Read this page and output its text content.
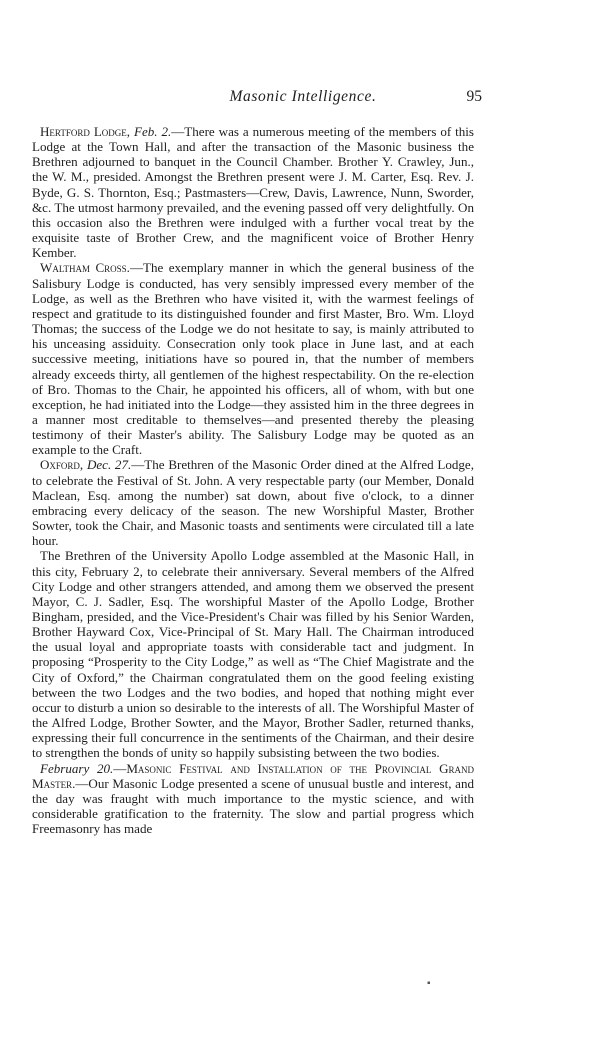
Masonic Intelligence.	95

Hertford Lodge, Feb. 2.—There was a numerous meeting of the members of this Lodge at the Town Hall, and after the transaction of the Masonic business the Brethren adjourned to banquet in the Council Chamber. Brother Y. Crawley, Jun., the W. M., presided. Amongst the Brethren present were J. M. Carter, Esq. Rev. J. Byde, G. S. Thornton, Esq.; Pastmasters—Crew, Davis, Lawrence, Nunn, Sworder, &c. The utmost harmony prevailed, and the evening passed off very delightfully. On this occasion also the Brethren were indulged with a further vocal treat by the exquisite taste of Brother Crew, and the magnificent voice of Brother Henry Kember.

Waltham Cross.—The exemplary manner in which the general business of the Salisbury Lodge is conducted, has very sensibly impressed every member of the Lodge, as well as the Brethren who have visited it, with the warmest feelings of respect and gratitude to its distinguished founder and first Master, Bro. Wm. Lloyd Thomas; the success of the Lodge we do not hesitate to say, is mainly attributed to his unceasing assiduity. Consecration only took place in June last, and at each successive meeting, initiations have so poured in, that the number of members already exceeds thirty, all gentlemen of the highest respectability. On the re-election of Bro. Thomas to the Chair, he appointed his officers, all of whom, with but one exception, he had initiated into the Lodge—they assisted him in the three degrees in a manner most creditable to themselves—and presented thereby the pleasing testimony of their Master's ability. The Salisbury Lodge may be quoted as an example to the Craft.

Oxford, Dec. 27.—The Brethren of the Masonic Order dined at the Alfred Lodge, to celebrate the Festival of St. John. A very respectable party (our Member, Donald Maclean, Esq. among the number) sat down, about five o'clock, to a dinner embracing every delicacy of the season. The new Worshipful Master, Brother Sowter, took the Chair, and Masonic toasts and sentiments were circulated till a late hour.

The Brethren of the University Apollo Lodge assembled at the Masonic Hall, in this city, February 2, to celebrate their anniversary. Several members of the Alfred City Lodge and other strangers attended, and among them we observed the present Mayor, C. J. Sadler, Esq. The worshipful Master of the Apollo Lodge, Brother Bingham, presided, and the Vice-President's Chair was filled by his Senior Warden, Brother Hayward Cox, Vice-Principal of St. Mary Hall. The Chairman introduced the usual loyal and appropriate toasts with considerable tact and judgment. In proposing “Prosperity to the City Lodge,” as well as “The Chief Magistrate and the City of Oxford,” the Chairman congratulated them on the good feeling existing between the two Lodges and the two bodies, and hoped that nothing might ever occur to disturb a union so desirable to the interests of all. The Worshipful Master of the Alfred Lodge, Brother Sowter, and the Mayor, Brother Sadler, returned thanks, expressing their full concurrence in the sentiments of the Chairman, and their desire to strengthen the bonds of unity so happily subsisting between the two bodies.

February 20.—Masonic Festival and Installation of the Provincial Grand Master.—Our Masonic Lodge presented a scene of unusual bustle and interest, and the day was fraught with much importance to the mystic science, and with considerable gratification to the fraternity. The slow and partial progress which Freemasonry has made

▪
